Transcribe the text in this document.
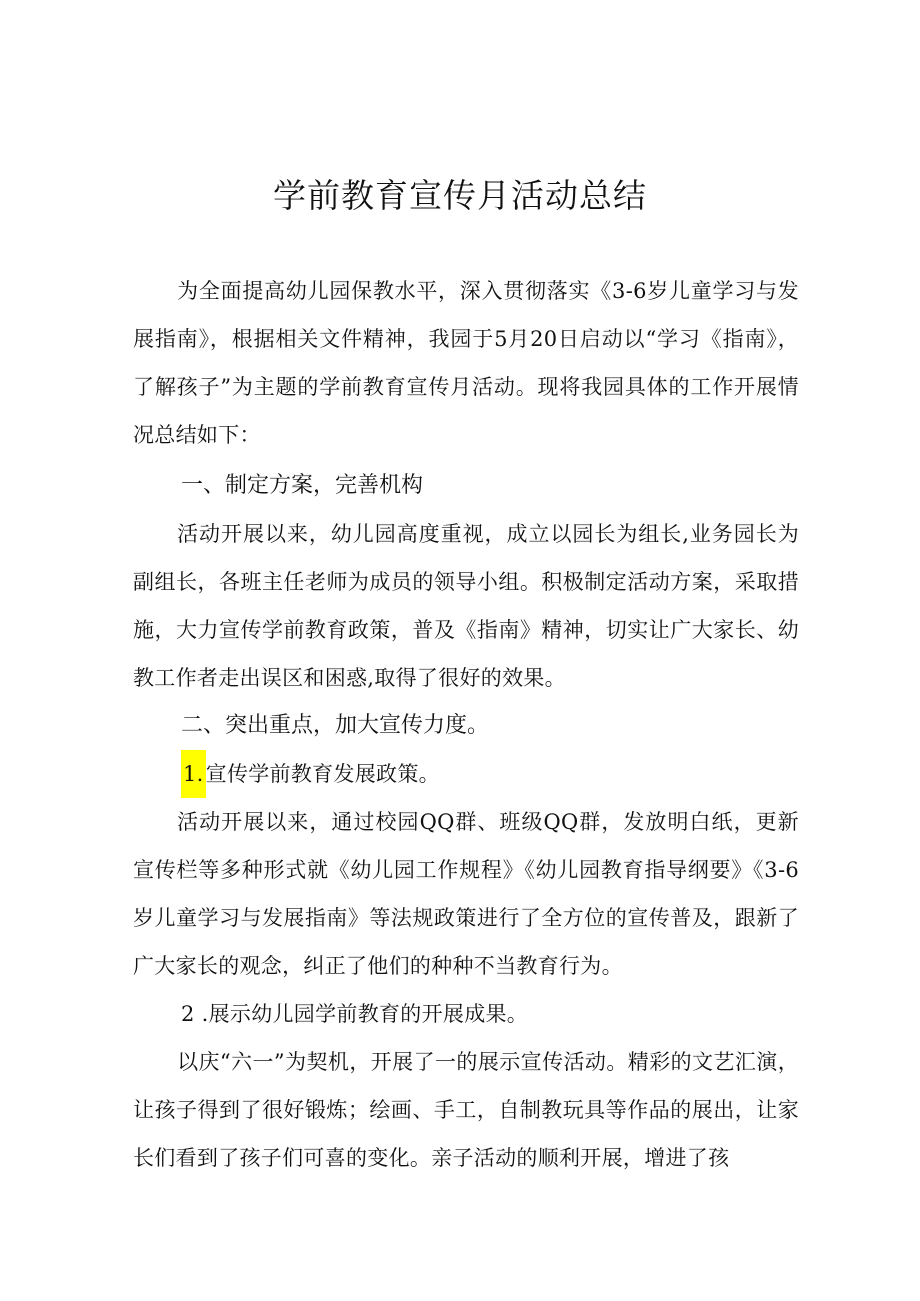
学前教育宣传月活动总结

为全面提高幼儿园保教水平，深入贯彻落实《3-6岁儿童学习与发展指南》，根据相关文件精神，我园于5月20日启动以“学习《指南》，了解孩子”为主题的学前教育宣传月活动。现将我园具体的工作开展情况总结如下：

一、制定方案，完善机构

活动开展以来，幼儿园高度重视，成立以园长为组长,业务园长为副组长，各班主任老师为成员的领导小组。积极制定活动方案，采取措施，大力宣传学前教育政策，普及《指南》精神，切实让广大家长、幼教工作者走出误区和困惑,取得了很好的效果。

二、突出重点，加大宣传力度。

1.宣传学前教育发展政策。

活动开展以来，通过校园QQ群、班级QQ群，发放明白纸，更新宣传栏等多种形式就《幼儿园工作规程》《幼儿园教育指导纲要》《3-6岁儿童学习与发展指南》等法规政策进行了全方位的宣传普及，跟新了广大家长的观念，纠正了他们的种种不当教育行为。

2 .展示幼儿园学前教育的开展成果。

以庆“六一”为契机，开展了一的展示宣传活动。精彩的文艺汇演，让孩子得到了很好锻炼；绘画、手工，自制教玩具等作品的展出，让家长们看到了孩子们可喜的变化。亲子活动的顺利开展，增进了孩
